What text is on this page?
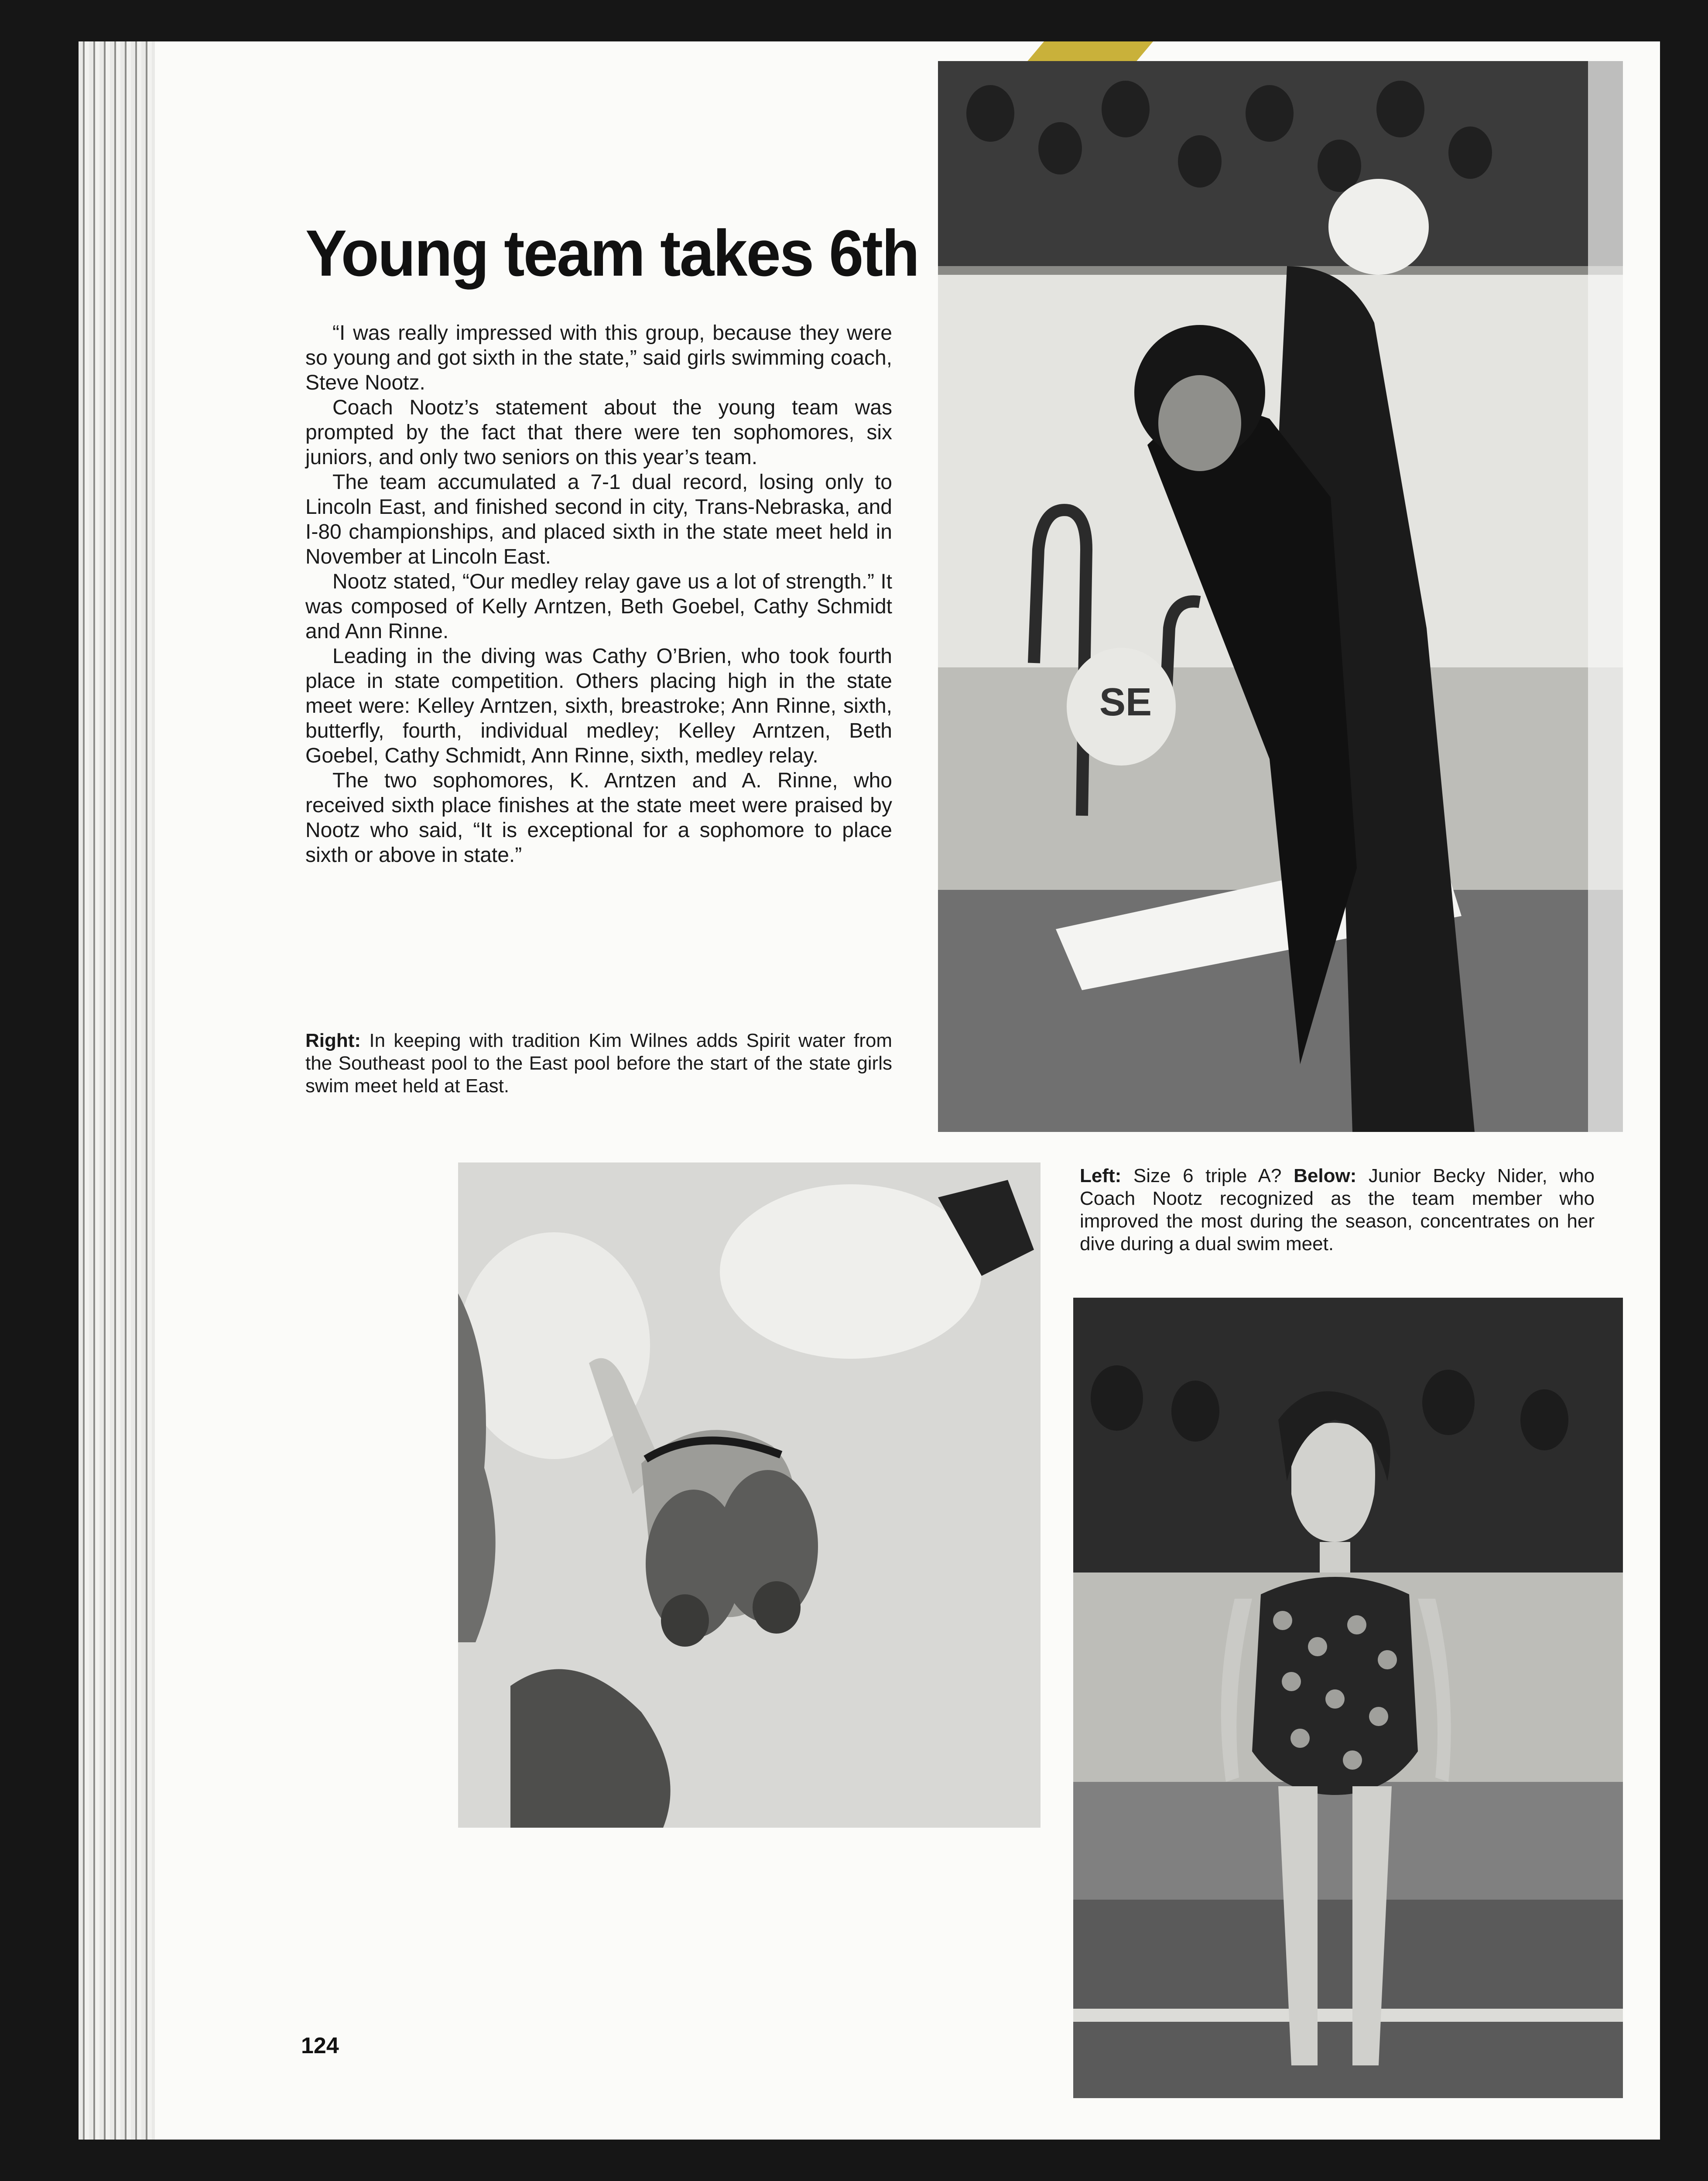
Young team takes 6th

“I was really impressed with this group, because they were so young and got sixth in the state,” said girls swimming coach, Steve Nootz.

Coach Nootz’s statement about the young team was prompted by the fact that there were ten sophomores, six juniors, and only two seniors on this year’s team.

The team accumulated a 7-1 dual record, losing only to Lincoln East, and finished second in city, Trans-Nebraska, and I-80 championships, and placed sixth in the state meet held in November at Lincoln East.

Nootz stated, “Our medley relay gave us a lot of strength.” It was composed of Kelly Arntzen, Beth Goebel, Cathy Schmidt and Ann Rinne.

Leading in the diving was Cathy O’Brien, who took fourth place in state competition. Others placing high in the state meet were: Kelley Arntzen, sixth, breastroke; Ann Rinne, sixth, butterfly, fourth, individual medley; Kelley Arntzen, Beth Goebel, Cathy Schmidt, Ann Rinne, sixth, medley relay.

The two sophomores, K. Arntzen and A. Rinne, who received sixth place finishes at the state meet were praised by Nootz who said, “It is exceptional for a sophomore to place sixth or above in state.”

Right: In keeping with tradition Kim Wilnes adds Spirit water from the Southeast pool to the East pool before the start of the state girls swim meet held at East.
Left: Size 6 triple A? Below: Junior Becky Nider, who Coach Nootz recognized as the team member who improved the most during the season, concentrates on her dive during a dual swim meet.
124
SE
